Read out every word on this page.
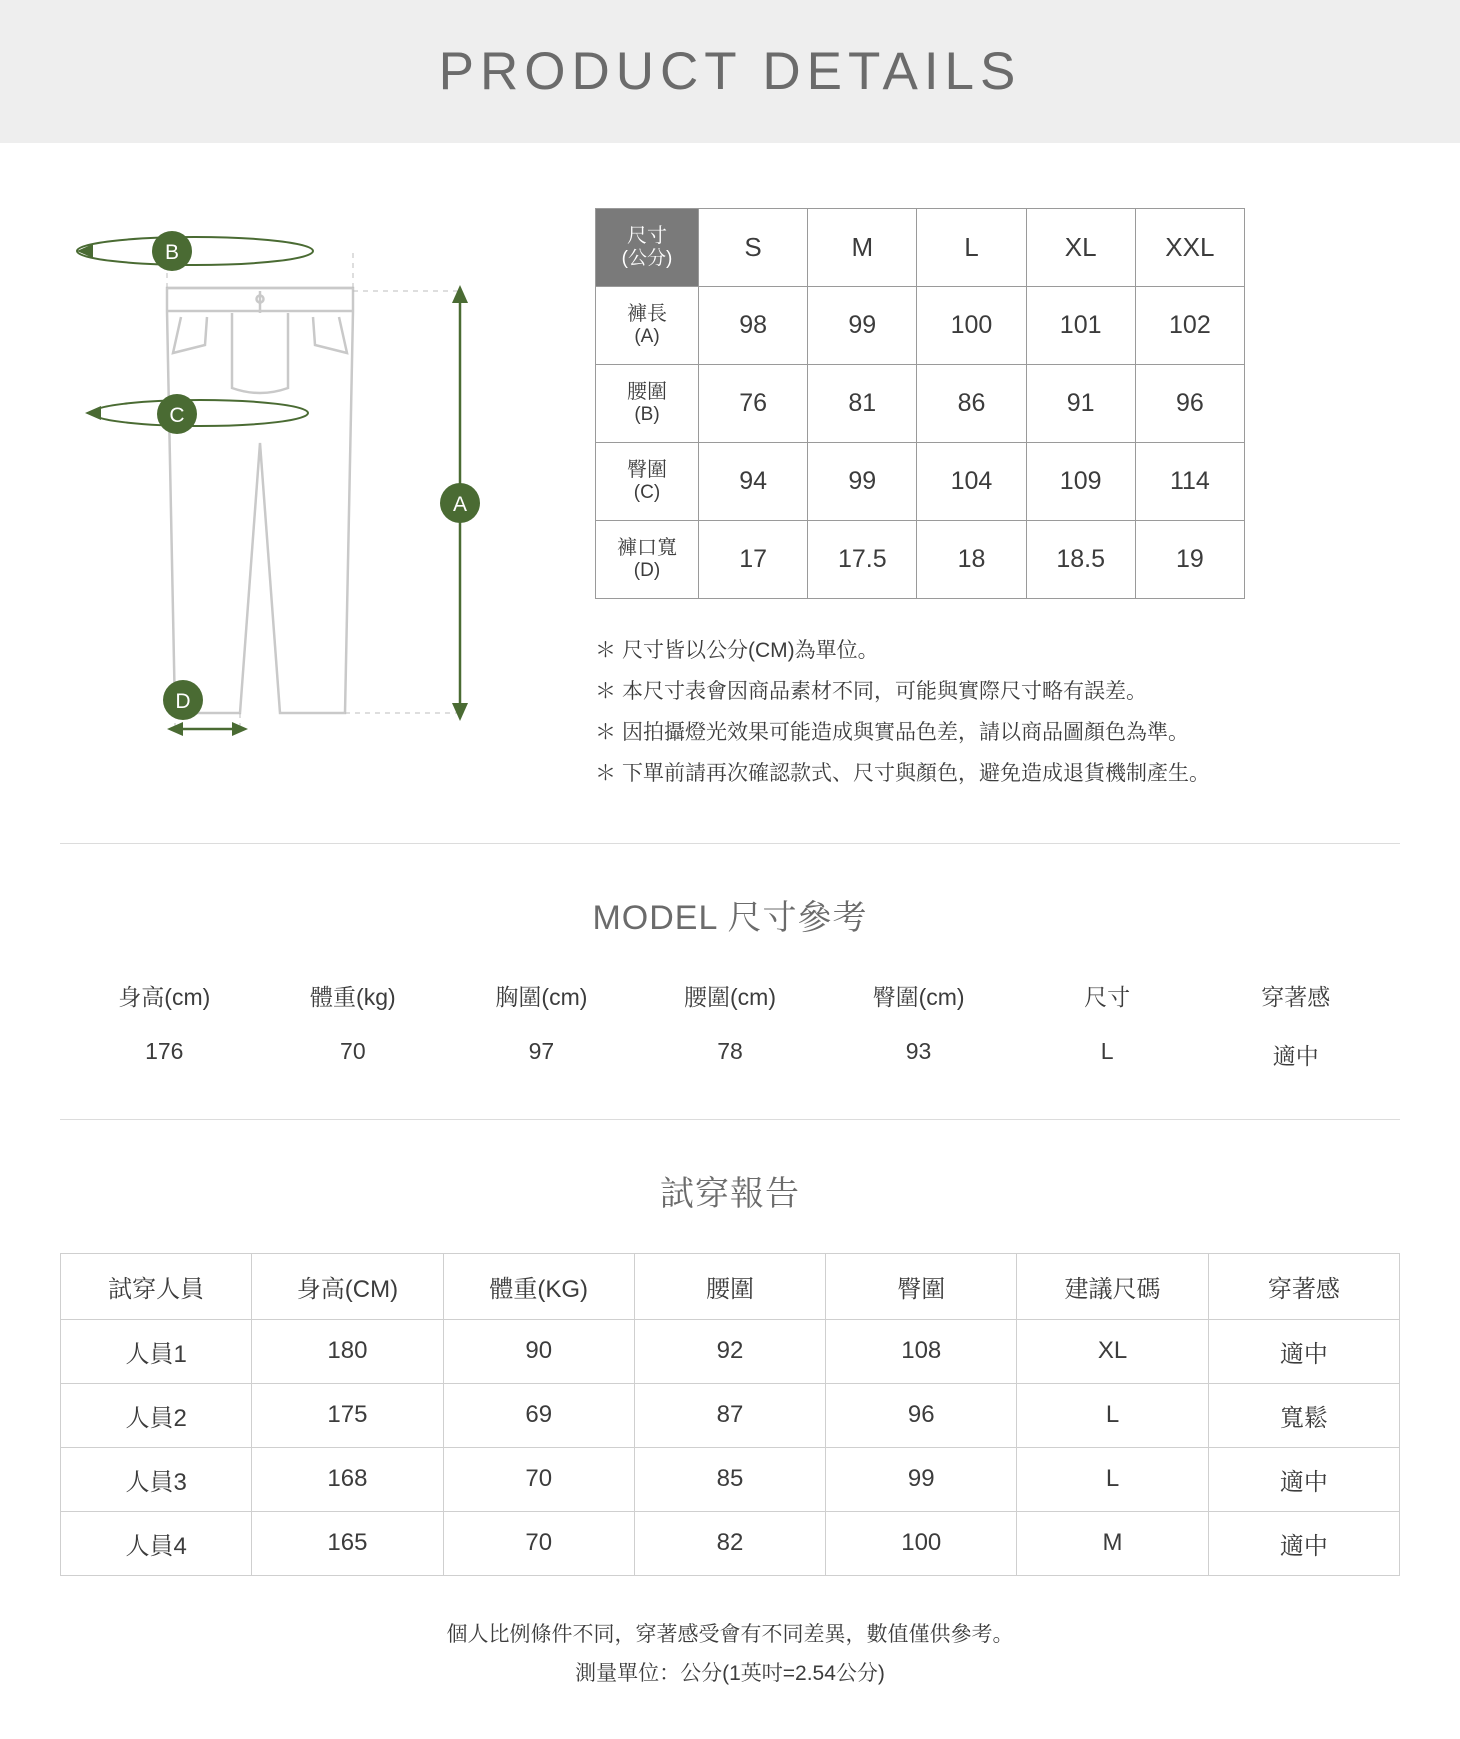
PRODUCT DETAILS
B
C
A
D
尺寸
(公分)	S	M	L	XL	XXL
褲長
(A)	98	99	100	101	102
腰圍
(B)	76	81	86	91	96
臀圍
(C)	94	99	104	109	114
褲口寬
(D)	17	17.5	18	18.5	19
＊ 尺寸皆以公分(CM)為單位。
＊ 本尺寸表會因商品素材不同，可能與實際尺寸略有誤差。
＊ 因拍攝燈光效果可能造成與實品色差，請以商品圖顏色為準。
＊ 下單前請再次確認款式、尺寸與顏色，避免造成退貨機制產生。
MODEL 尺寸參考
身高(cm)	體重(kg)	胸圍(cm)	腰圍(cm)	臀圍(cm)	尺寸	穿著感
176	70	97	78	93	L	適中
試穿報告
試穿人員	身高(CM)	體重(KG)	腰圍	臀圍	建議尺碼	穿著感
人員1	180	90	92	108	XL	適中
人員2	175	69	87	96	L	寬鬆
人員3	168	70	85	99	L	適中
人員4	165	70	82	100	M	適中
個人比例條件不同，穿著感受會有不同差異，數值僅供參考。
測量單位：公分(1英吋=2.54公分)
